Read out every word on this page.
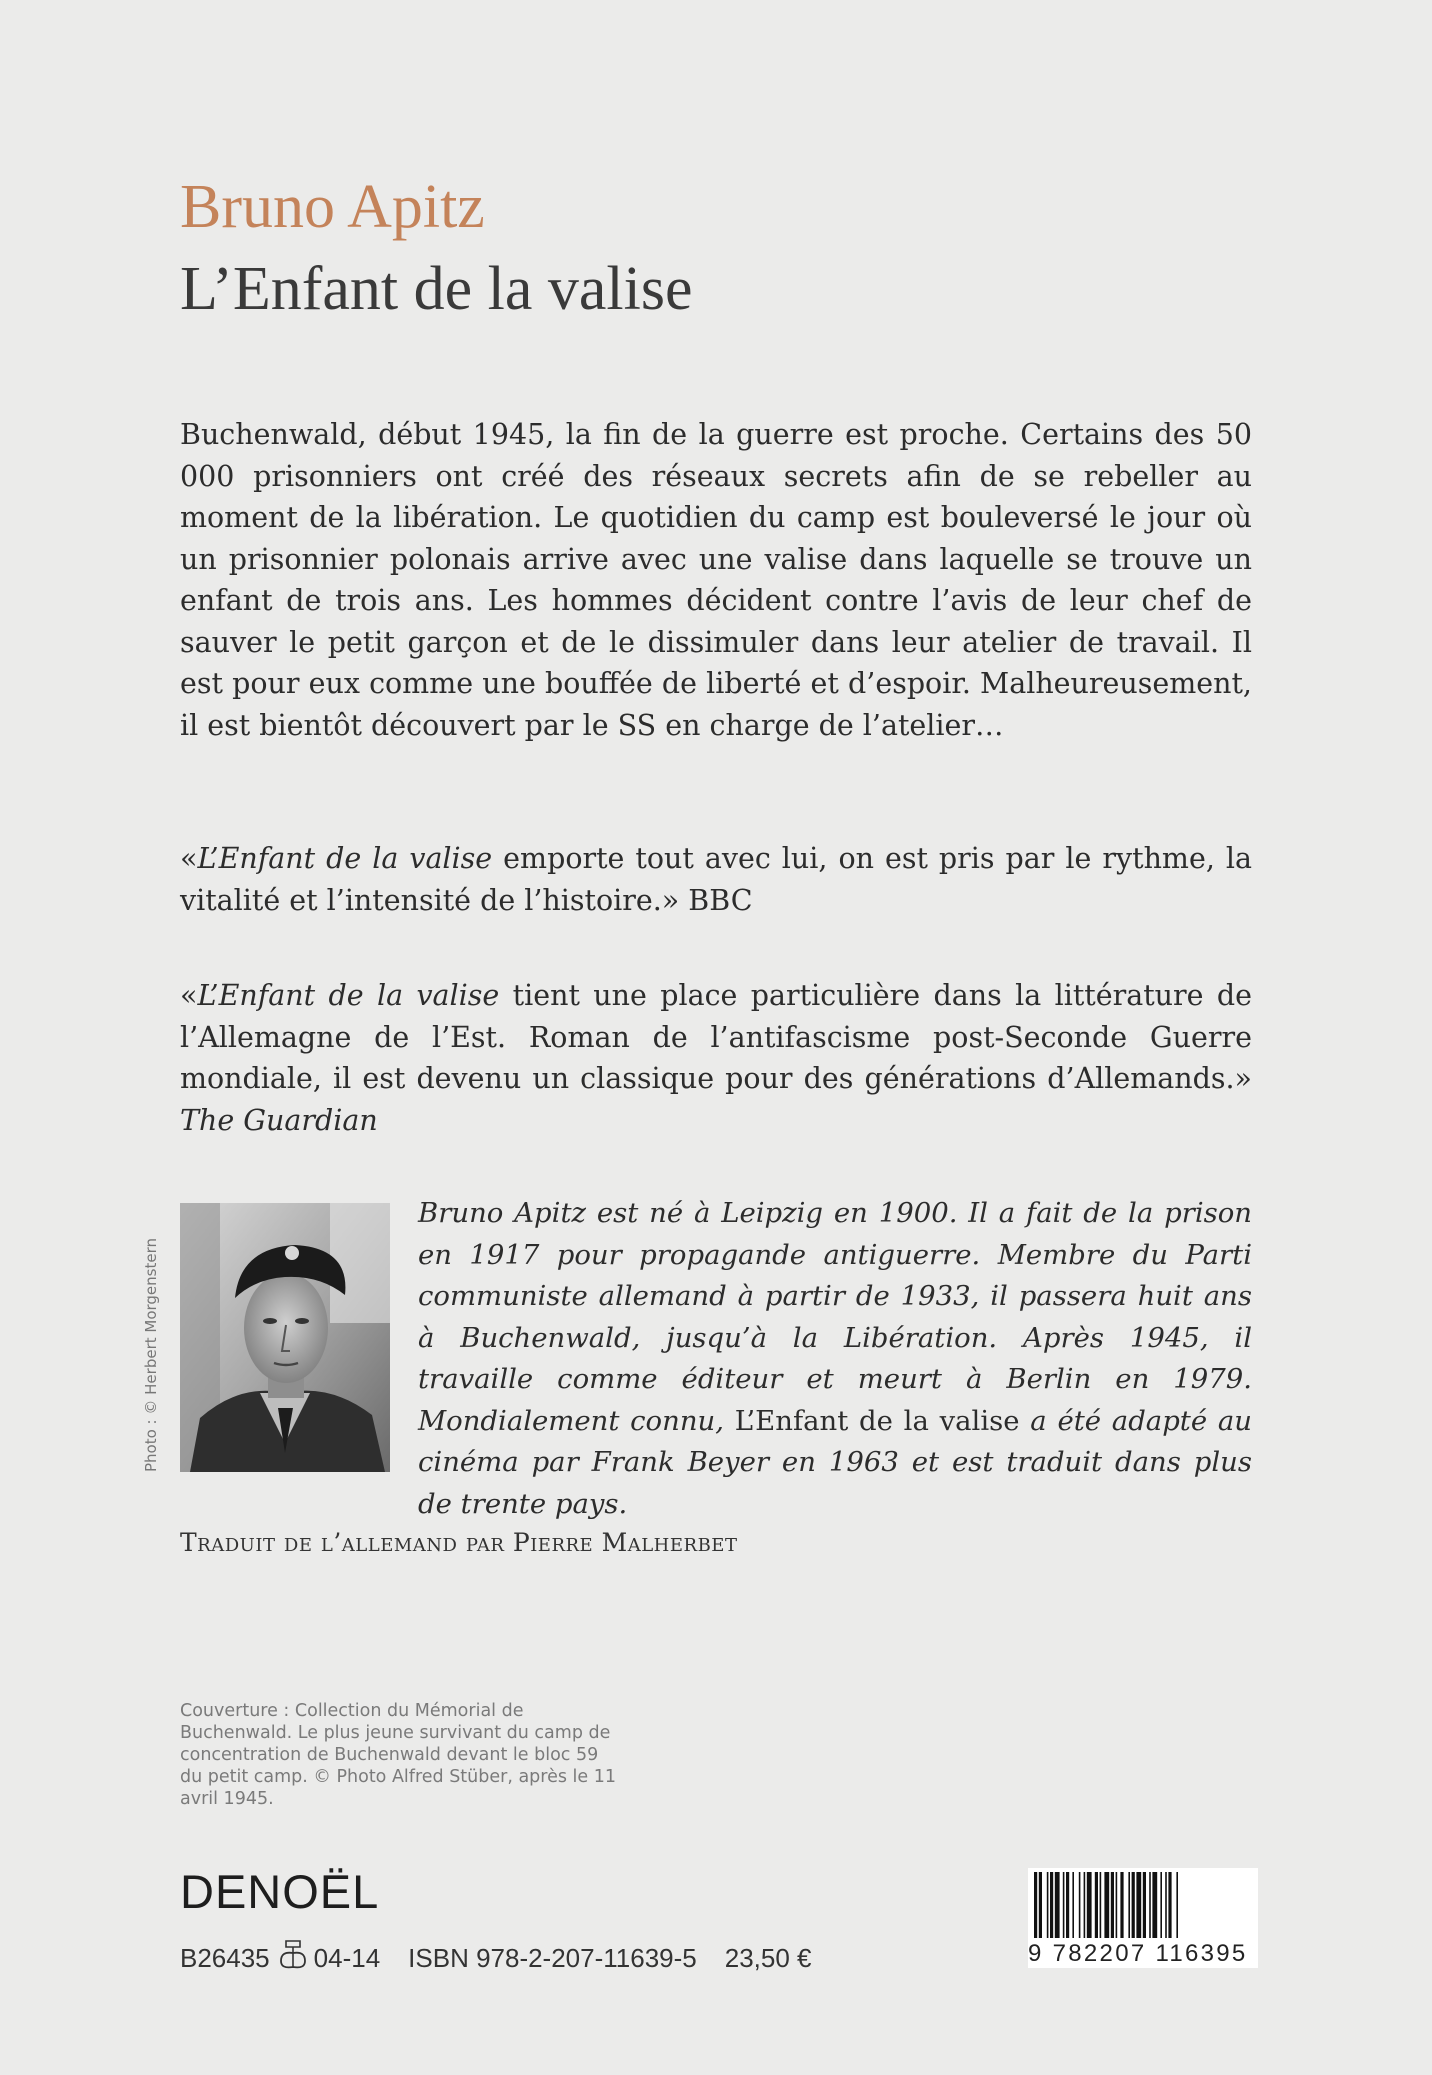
Bruno Apitz
L’Enfant de la valise

Buchenwald, début 1945, la fin de la guerre est proche. Certains des 50 000 prisonniers ont créé des réseaux secrets afin de se rebeller au moment de la libération. Le quotidien du camp est bouleversé le jour où un prisonnier polonais arrive avec une valise dans laquelle se trouve un enfant de trois ans. Les hommes décident contre l’avis de leur chef de sauver le petit garçon et de le dissimuler dans leur atelier de travail. Il est pour eux comme une bouffée de liberté et d’espoir. Malheureusement, il est bientôt découvert par le SS en charge de l’atelier…

«L’Enfant de la valise emporte tout avec lui, on est pris par le rythme, la vitalité et l’intensité de l’histoire.» BBC

«L’Enfant de la valise tient une place particulière dans la littérature de l’Allemagne de l’Est. Roman de l’antifascisme post-Seconde Guerre mondiale, il est devenu un classique pour des générations d’Allemands.» The Guardian

Photo : © Herbert Morgenstern

Bruno Apitz est né à Leipzig en 1900. Il a fait de la prison en 1917 pour propagande antiguerre. Membre du Parti communiste allemand à partir de 1933, il passera huit ans à Buchenwald, jusqu’à la Libération. Après 1945, il travaille comme éditeur et meurt à Berlin en 1979. Mondialement connu, L’Enfant de la valise a été adapté au cinéma par Frank Beyer en 1963 et est traduit dans plus de trente pays.

Traduit de l’allemand par Pierre Malherbet
Couverture : Collection du Mémorial de Buchenwald. Le plus jeune survivant du camp de concentration de Buchenwald devant le bloc 59 du petit camp. © Photo Alfred Stüber, après le 11 avril 1945.
DENOËL
B26435 04-14 ISBN 978-2-207-11639-5 23,50 €	9 782207 116395
